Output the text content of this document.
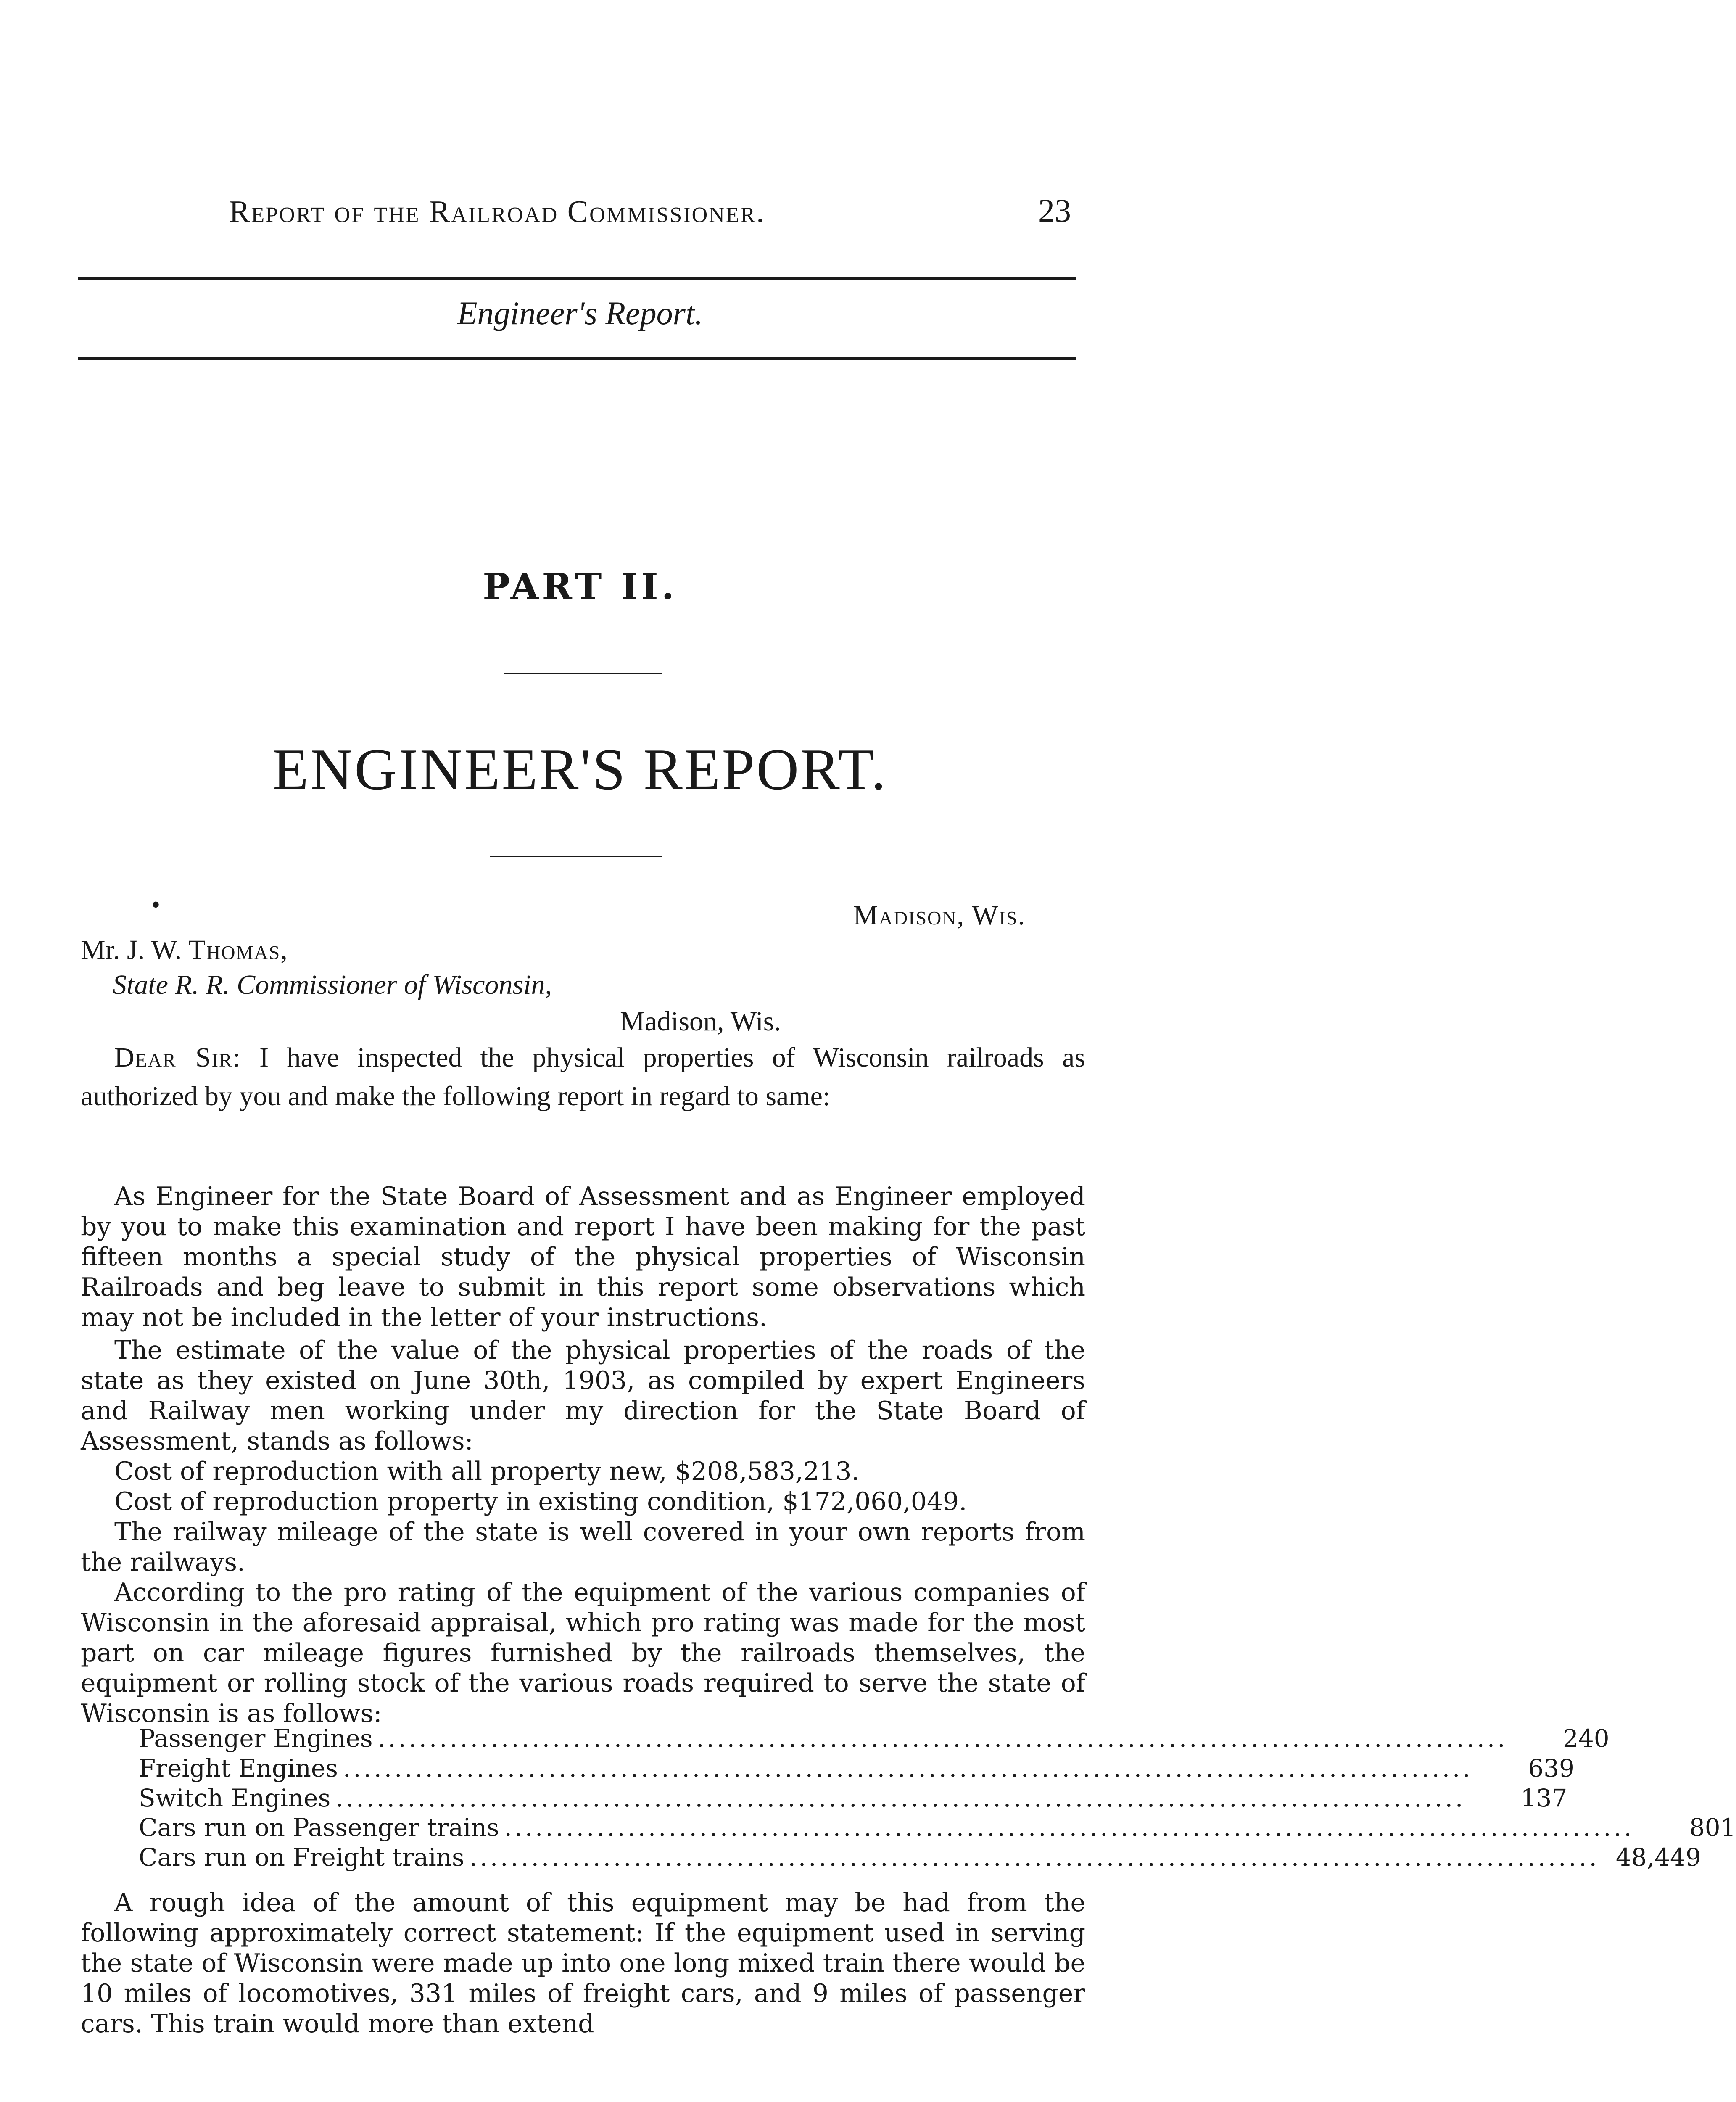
Report of the Railroad Commissioner.	23
Engineer's Report.
PART II.
ENGINEER'S REPORT.
•	Madison, Wis.
Mr. J. W. Thomas,
State R. R. Commissioner of Wisconsin,
Madison, Wis.

Dear Sir: I have inspected the physical properties of Wisconsin railroads as authorized by you and make the following report in regard to same:

As Engineer for the State Board of Assessment and as Engineer employed by you to make this examination and report I have been making for the past fifteen months a special study of the physical properties of Wisconsin Railroads and beg leave to submit in this report some observations which may not be included in the letter of your instructions.

The estimate of the value of the physical properties of the roads of the state as they existed on June 30th, 1903, as compiled by expert Engineers and Railway men working under my direction for the State Board of Assessment, stands as follows:

Cost of reproduction with all property new, $208,583,213.

Cost of reproduction property in existing condition, $172,060,049.

The railway mileage of the state is well covered in your own reports from the railways.

According to the pro rating of the equipment of the various companies of Wisconsin in the aforesaid appraisal, which pro rating was made for the most part on car mileage figures furnished by the railroads themselves, the equipment or rolling stock of the various roads required to serve the state of Wisconsin is as follows:

Passenger Engines ..............................................................................................................	240
Freight Engines ..............................................................................................................	639
Switch Engines ..............................................................................................................	137
Cars run on Passenger trains ..............................................................................................................	801
Cars run on Freight trains .............................................................................................................. 48,449

A rough idea of the amount of this equipment may be had from the following approximately correct statement: If the equipment used in serving the state of Wisconsin were made up into one long mixed train there would be 10 miles of locomotives, 331 miles of freight cars, and 9 miles of passenger cars. This train would more than extend
